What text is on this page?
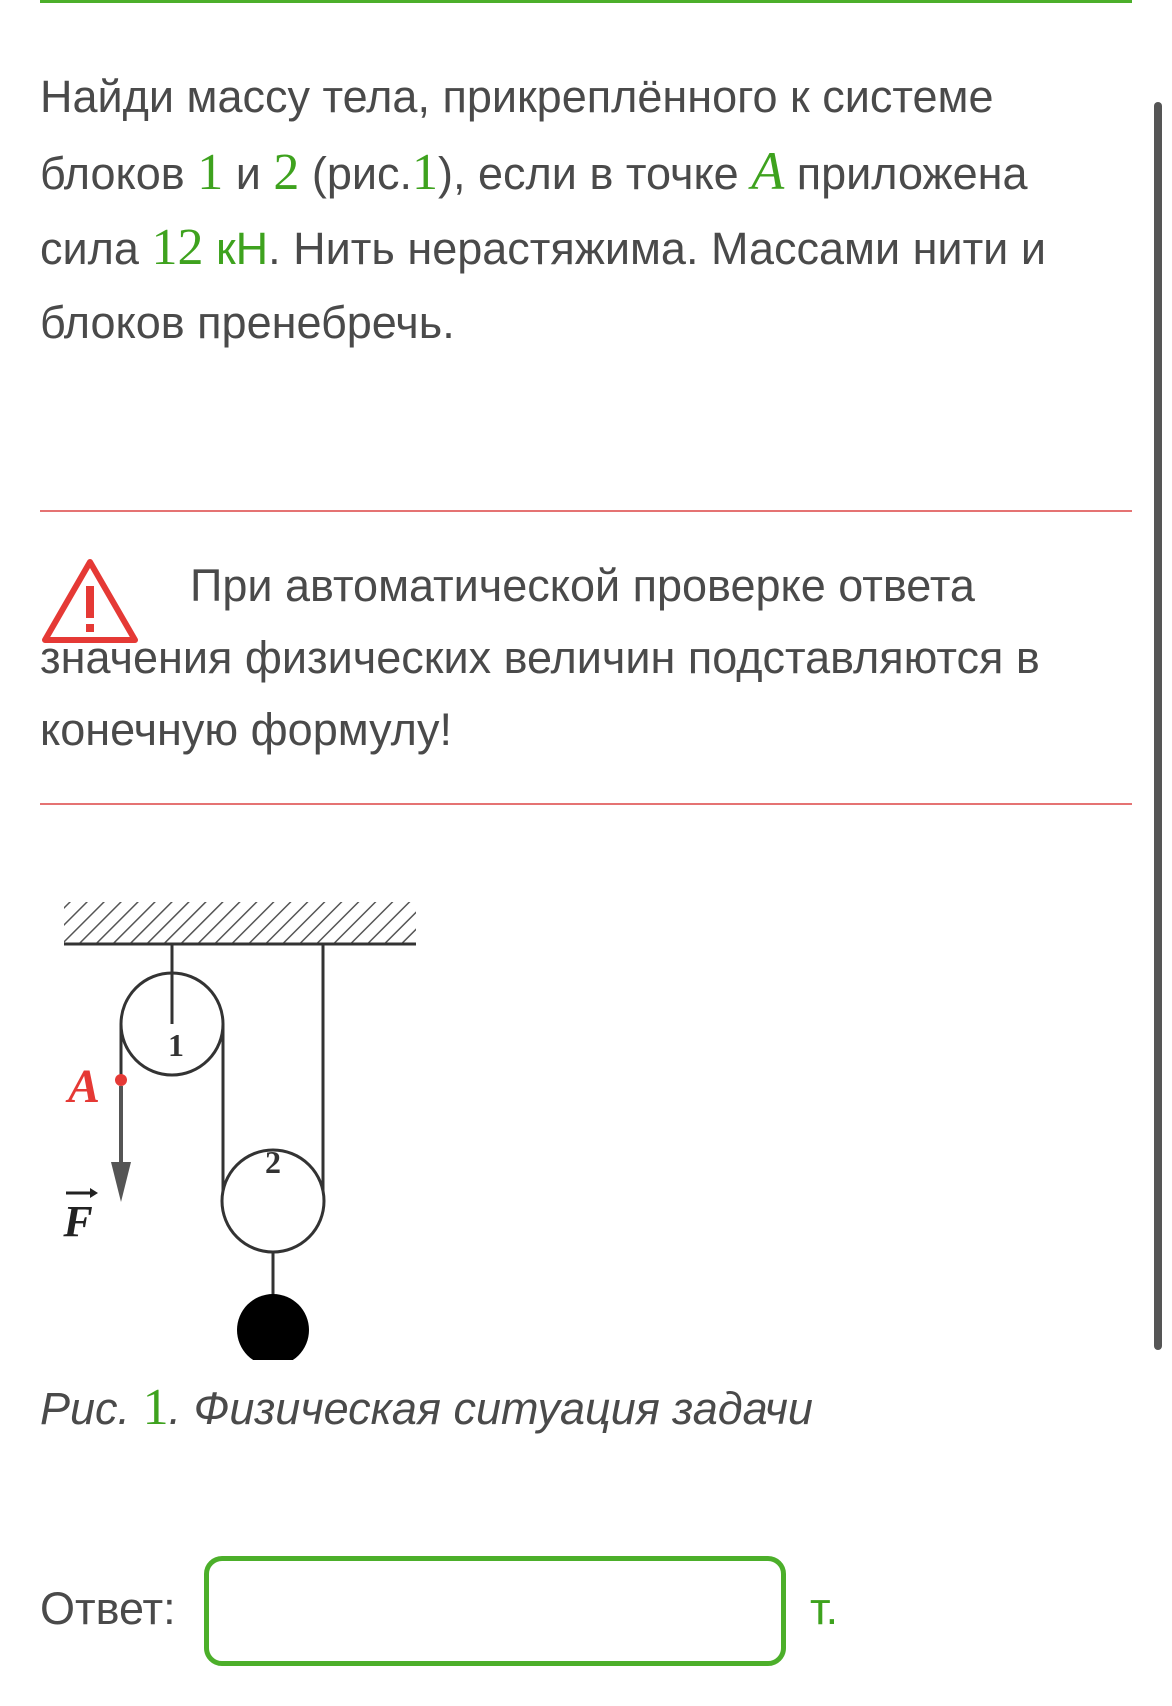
Найди массу тела, прикреплённого к системе блоков 1 и 2 (рис.1), если в точке A приложена сила 12 кН. Нить нерастяжима. Массами нити и блоков пренебречь.
При автоматической проверке ответа значения физических величин подставляются в конечную формулу!
1
2
A
F
Рис. 1. Физическая ситуация задачи
Ответ:	т.
